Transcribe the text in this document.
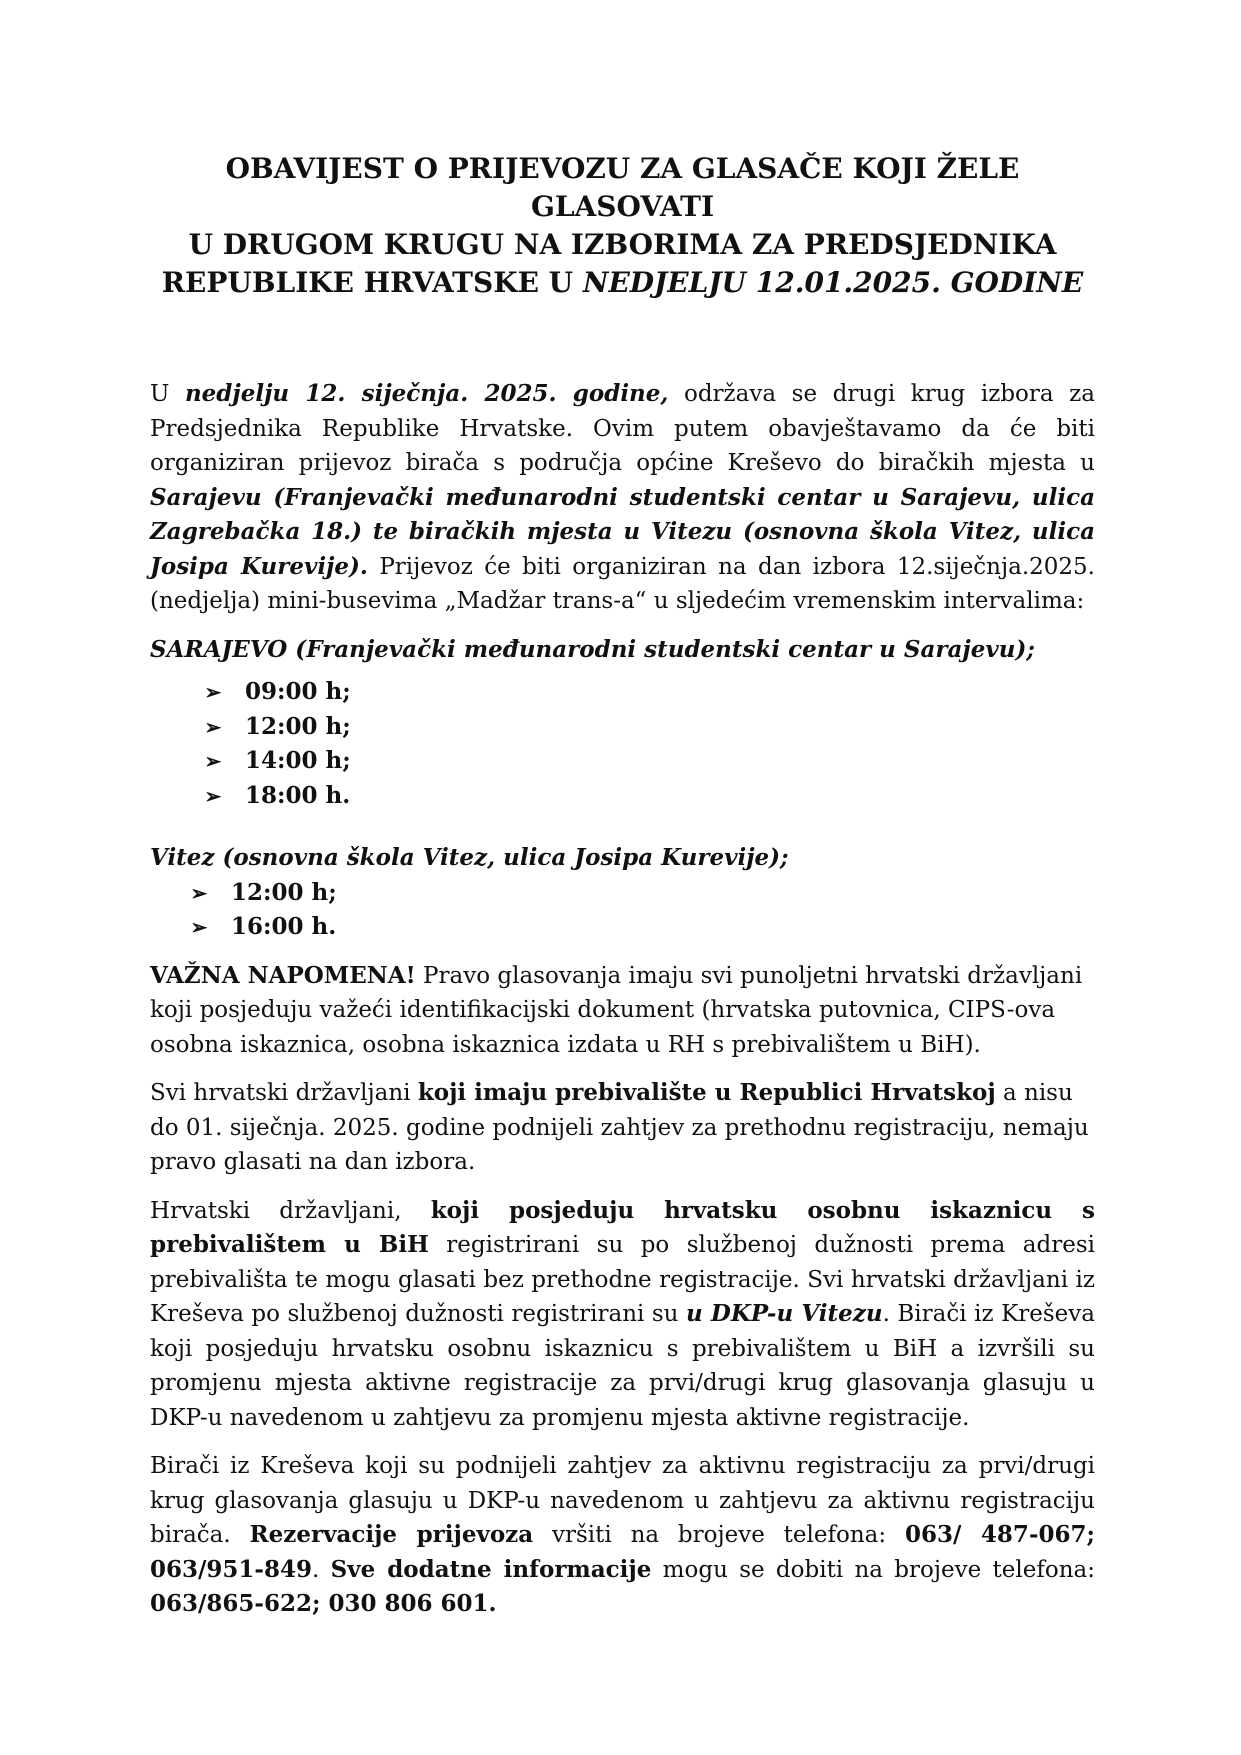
OBAVIJEST O PRIJEVOZU ZA GLASAČE KOJI ŽELE GLASOVATI
U DRUGOM KRUGU NA IZBORIMA ZA PREDSJEDNIKA
REPUBLIKE HRVATSKE U NEDJELJU 12.01.2025. GODINE

U nedjelju 12. siječnja. 2025. godine, održava se drugi krug izbora za Predsjednika Republike Hrvatske. Ovim putem obavještavamo da će biti organiziran prijevoz birača s područja općine Kreševo do biračkih mjesta u Sarajevu (Franjevački međunarodni studentski centar u Sarajevu, ulica Zagrebačka 18.) te biračkih mjesta u Vitezu (osnovna škola Vitez, ulica Josipa Kurevije). Prijevoz će biti organiziran na dan izbora 12.siječnja.2025. (nedjelja) mini-busevima „Madžar trans-a“ u sljedećim vremenskim intervalima:

SARAJEVO (Franjevački međunarodni studentski centar u Sarajevu);
➢ 09:00 h;
➢ 12:00 h;
➢ 14:00 h;
➢ 18:00 h.
Vitez (osnovna škola Vitez, ulica Josipa Kurevije);
➢ 12:00 h;
➢ 16:00 h.

VAŽNA NAPOMENA! Pravo glasovanja imaju svi punoljetni hrvatski državljani koji posjeduju važeći identifikacijski dokument (hrvatska putovnica, CIPS-ova osobna iskaznica, osobna iskaznica izdata u RH s prebivalištem u BiH).

Svi hrvatski državljani koji imaju prebivalište u Republici Hrvatskoj a nisu do 01. siječnja. 2025. godine podnijeli zahtjev za prethodnu registraciju, nemaju pravo glasati na dan izbora.

Hrvatski državljani, koji posjeduju hrvatsku osobnu iskaznicu s prebivalištem u BiH registrirani su po službenoj dužnosti prema adresi prebivališta te mogu glasati bez prethodne registracije. Svi hrvatski državljani iz Kreševa po službenoj dužnosti registrirani su u DKP-u Vitezu. Birači iz Kreševa koji posjeduju hrvatsku osobnu iskaznicu s prebivalištem u BiH a izvršili su promjenu mjesta aktivne registracije za prvi/drugi krug glasovanja glasuju u DKP-u navedenom u zahtjevu za promjenu mjesta aktivne registracije.

Birači iz Kreševa koji su podnijeli zahtjev za aktivnu registraciju za prvi/drugi krug glasovanja glasuju u DKP-u navedenom u zahtjevu za aktivnu registraciju birača. Rezervacije prijevoza vršiti na brojeve telefona: 063/ 487-067; 063/951-849. Sve dodatne informacije mogu se dobiti na brojeve telefona: 063/865-622; 030 806 601.
